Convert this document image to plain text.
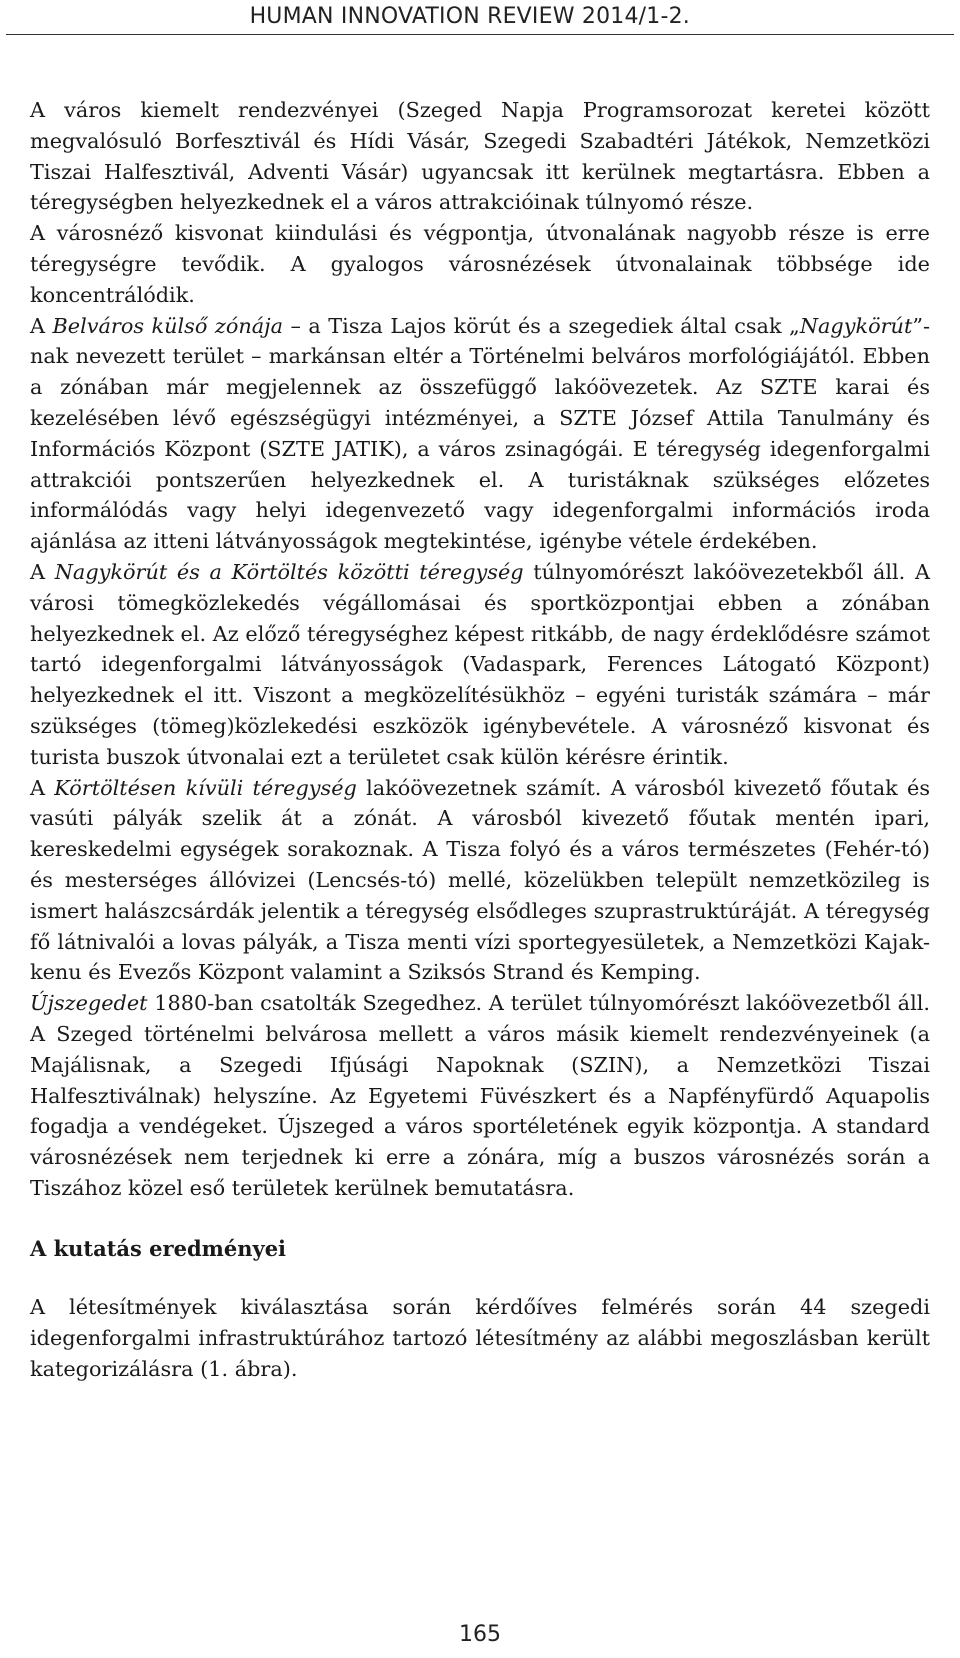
HUMAN INNOVATION REVIEW 2014/1-2.

A város kiemelt rendezvényei (Szeged Napja Programsorozat keretei között megvalósuló Borfesztivál és Hídi Vásár, Szegedi Szabadtéri Játékok, Nemzetközi Tiszai Halfesztivál, Adventi Vásár) ugyancsak itt kerülnek megtartásra. Ebben a téregységben helyezkednek el a város attrakcióinak túlnyomó része.

A városnéző kisvonat kiindulási és végpontja, útvonalának nagyobb része is erre téregységre tevődik. A gyalogos városnézések útvonalainak többsége ide koncentrálódik.

A Belváros külső zónája – a Tisza Lajos körút és a szegediek által csak „Nagykörút”-nak nevezett terület – markánsan eltér a Történelmi belváros morfológiájától. Ebben a zónában már megjelennek az összefüggő lakóövezetek. Az SZTE karai és kezelésében lévő egészségügyi intézményei, a SZTE József Attila Tanulmány és Információs Központ (SZTE JATIK), a város zsinagógái. E téregység idegenforgalmi attrakciói pontszerűen helyezkednek el. A turistáknak szükséges előzetes informálódás vagy helyi idegenvezető vagy idegenforgalmi információs iroda ajánlása az itteni látványosságok megtekintése, igénybe vétele érdekében.

A Nagykörút és a Körtöltés közötti téregység túlnyomórészt lakóövezetekből áll. A városi tömegközlekedés végállomásai és sportközpontjai ebben a zónában helyezkednek el. Az előző téregységhez képest ritkább, de nagy érdeklődésre számot tartó idegenforgalmi látványosságok (Vadaspark, Ferences Látogató Központ) helyezkednek el itt. Viszont a megközelítésükhöz – egyéni turisták számára – már szükséges (tömeg)közlekedési eszközök igénybevétele. A városnéző kisvonat és turista buszok útvonalai ezt a területet csak külön kérésre érintik.

A Körtöltésen kívüli téregység lakóövezetnek számít. A városból kivezető főutak és vasúti pályák szelik át a zónát. A városból kivezető főutak mentén ipari, kereskedelmi egységek sorakoznak. A Tisza folyó és a város természetes (Fehér-tó) és mesterséges állóvizei (Lencsés-tó) mellé, közelükben települt nemzetközileg is ismert halászcsárdák jelentik a téregység elsődleges szuprastruktúráját. A téregység fő látnivalói a lovas pályák, a Tisza menti vízi sportegyesületek, a Nemzetközi Kajak-kenu és Evezős Központ valamint a Sziksós Strand és Kemping.

Újszegedet 1880-ban csatolták Szegedhez. A terület túlnyomórészt lakóövezetből áll. A Szeged történelmi belvárosa mellett a város másik kiemelt rendezvényeinek (a Majálisnak, a Szegedi Ifjúsági Napoknak (SZIN), a Nemzetközi Tiszai Halfesztiválnak) helyszíne. Az Egyetemi Füvészkert és a Napfényfürdő Aquapolis fogadja a vendégeket. Újszeged a város sportéletének egyik központja. A standard városnézések nem terjednek ki erre a zónára, míg a buszos városnézés során a Tiszához közel eső területek kerülnek bemutatásra.

A kutatás eredményei

A létesítmények kiválasztása során kérdőíves felmérés során 44 szegedi idegenforgalmi infrastruktúrához tartozó létesítmény az alábbi megoszlásban került kategorizálásra (1. ábra).

165
